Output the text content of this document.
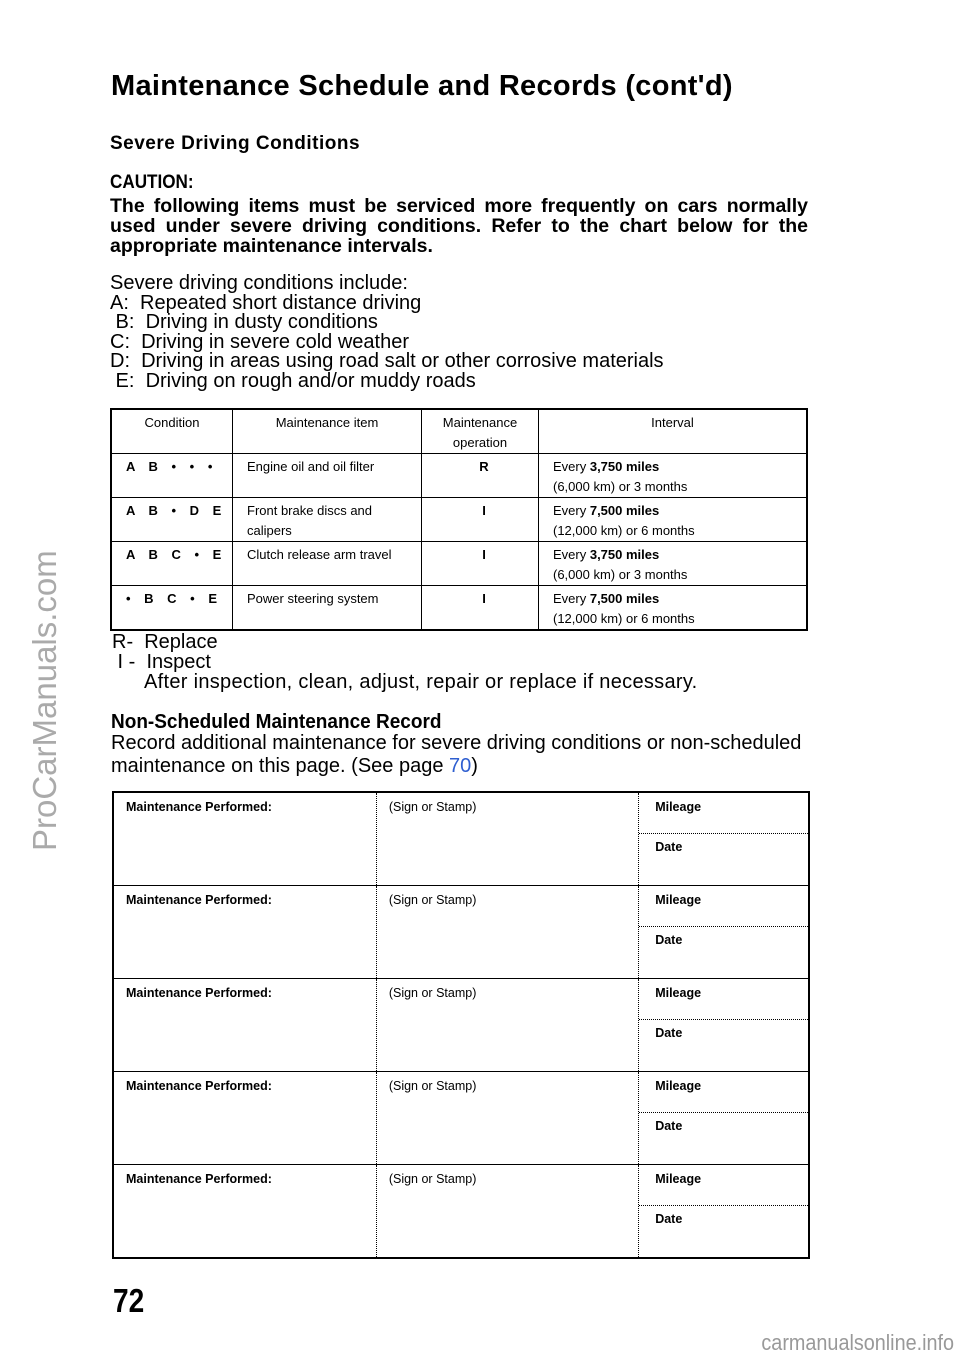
Maintenance Schedule and Records (cont'd)
Severe Driving Conditions
CAUTION:
The following items must be serviced more frequently on cars normally used under severe driving conditions. Refer to the chart below for the appropriate maintenance intervals.
Severe driving conditions include:
A:  Repeated short distance driving
B:  Driving in dusty conditions
C:  Driving in severe cold weather
D:  Driving in areas using road salt or other corrosive materials
E:  Driving on rough and/or muddy roads
Condition	Maintenance item	Maintenance operation	Interval
A B • • •	Engine oil and oil filter	R	Every 3,750 miles
(6,000 km) or 3 months
A B • D E	Front brake discs and calipers	I	Every 7,500 miles
(12,000 km) or 6 months
A B C • E	Clutch release arm travel	I	Every 3,750 miles
(6,000 km) or 3 months
• B C • E	Power steering system	I	Every 7,500 miles
(12,000 km) or 6 months
R-  Replace
I -  Inspect
After inspection, clean, adjust, repair or replace if necessary.
Non-Scheduled Maintenance Record
Record additional maintenance for severe driving conditions or non-scheduled maintenance on this page. (See page 70)
Maintenance Performed:	(Sign or Stamp)	Mileage
Date

Maintenance Performed:	(Sign or Stamp)	Mileage
Date

Maintenance Performed:	(Sign or Stamp)	Mileage
Date

Maintenance Performed:	(Sign or Stamp)	Mileage
Date

Maintenance Performed:	(Sign or Stamp)	Mileage
Date
ProCarManuals.com
72
carmanualsonline.info
